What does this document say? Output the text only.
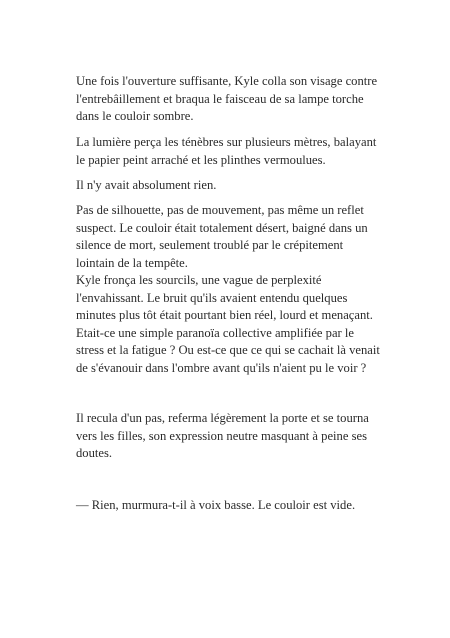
Une fois l'ouverture suffisante, Kyle colla son visage contre
l'entrebâillement et braqua le faisceau de sa lampe torche
dans le couloir sombre.

La lumière perça les ténèbres sur plusieurs mètres, balayant
le papier peint arraché et les plinthes vermoulues.

Il n'y avait absolument rien.

Pas de silhouette, pas de mouvement, pas même un reflet
suspect. Le couloir était totalement désert, baigné dans un
silence de mort, seulement troublé par le crépitement
lointain de la tempête.

Kyle fronça les sourcils, une vague de perplexité
l'envahissant. Le bruit qu'ils avaient entendu quelques
minutes plus tôt était pourtant bien réel, lourd et menaçant.
Etait-ce une simple paranoïa collective amplifiée par le
stress et la fatigue ? Ou est-ce que ce qui se cachait là venait
de s'évanouir dans l'ombre avant qu'ils n'aient pu le voir ?

Il recula d'un pas, referma légèrement la porte et se tourna
vers les filles, son expression neutre masquant à peine ses
doutes.

— Rien, murmura-t-il à voix basse. Le couloir est vide.
